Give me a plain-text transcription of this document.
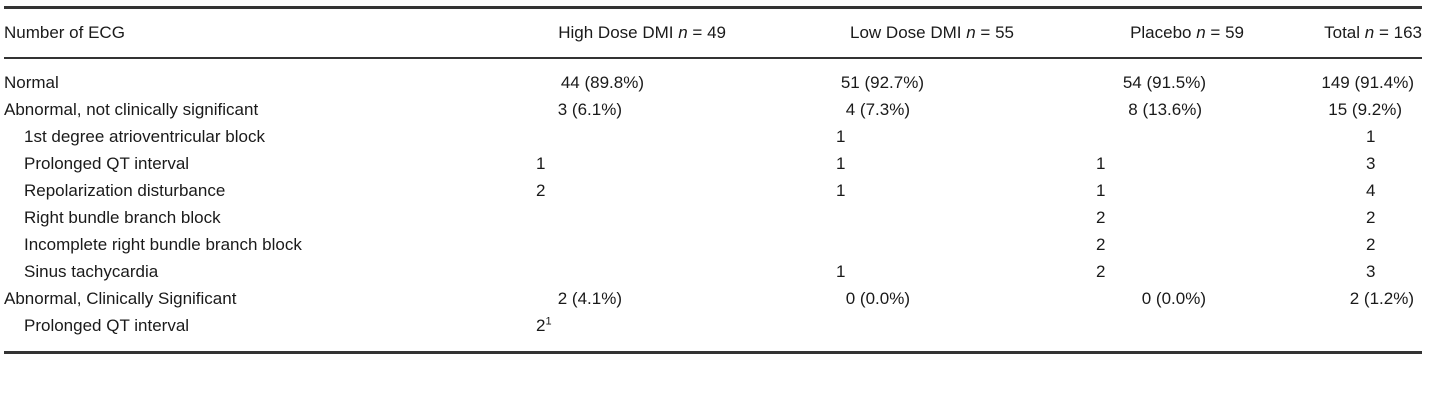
Number of ECG	High Dose DMI n = 49	Low Dose DMI n = 55	Placebo n = 59	Total n = 163
Normal	44 (89.8%)	51 (92.7%)	54 (91.5%)	149 (91.4%)
Abnormal, not clinically significant	3 (6.1%)	4 (7.3%)	8 (13.6%)	15 (9.2%)
1st degree atrioventricular block		1		1
Prolonged QT interval	1	1	1	3
Repolarization disturbance	2	1	1	4
Right bundle branch block			2	2
Incomplete right bundle branch block			2	2
Sinus tachycardia		1	2	3
Abnormal, Clinically Significant	2 (4.1%)	0 (0.0%)	0 (0.0%)	2 (1.2%)
Prolonged QT interval	$2^1$			
